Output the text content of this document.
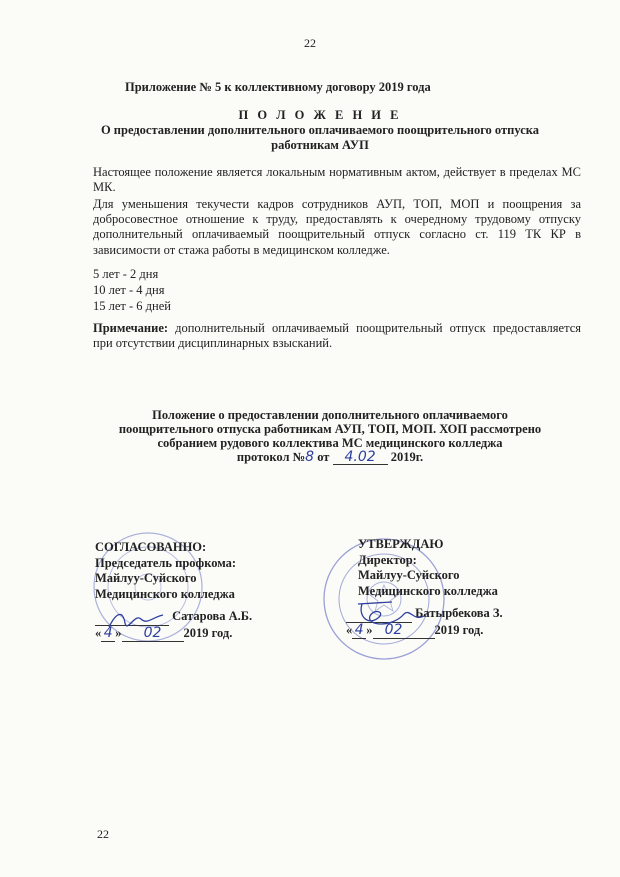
22
Приложение № 5 к коллективному договору 2019 года
П О Л О Ж Е Н И Е
О предоставлении дополнительного оплачиваемого поощрительного отпуска
работникам АУП
Настоящее положение является локальным нормативным актом, действует в пределах МС МК.
Для уменьшения текучести кадров сотрудников АУП, ТОП, МОП и поощрения за добросовестное отношение к труду, предоставлять к очередному трудовому отпуску дополнительный оплачиваемый поощрительный отпуск согласно ст. 119 ТК КР в зависимости от стажа работы в медицинском колледже.
5 лет - 2 дня
10 лет - 4 дня
15 лет - 6 дней
Примечание: дополнительный оплачиваемый поощрительный отпуск предоставляется при отсутствии дисциплинарных взысканий.
Положение о предоставлении дополнительного оплачиваемого
поощрительного отпуска работникам АУП, ТОП, МОП. ХОП рассмотрено
собранием рудового коллектива МС медицинского колледжа
протокол №8 от 4.02 2019г.
СОГЛАСОВАННО:
Председатель профкома:
Майлуу-Суйского
Медицинского колледжа
Сатарова А.Б.
« 4 » 02 2019 год.
УТВЕРЖДАЮ
Директор:
Майлуу-Суйского
Медицинского колледжа
Батырбекова З.
« 4 » 02	2019 год.
22
